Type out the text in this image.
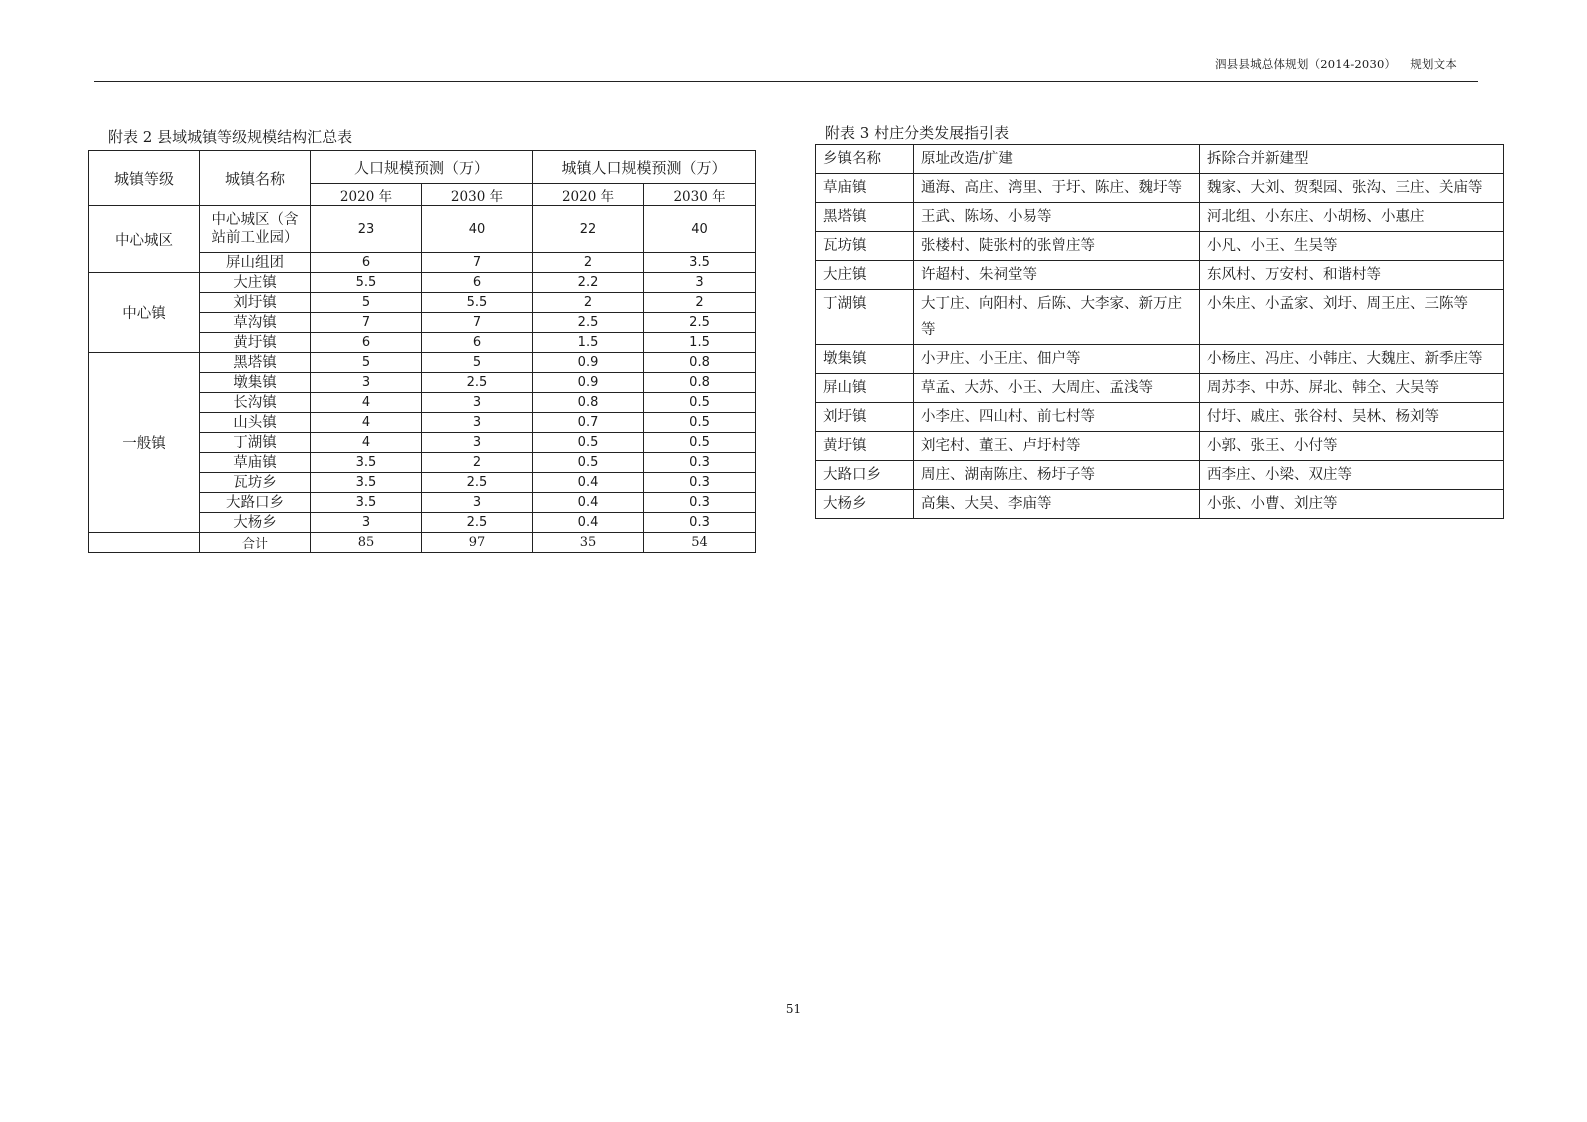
泗县县城总体规划（2014-2030） 规划文本
附表 2 县域城镇等级规模结构汇总表
城镇等级	城镇名称	人口规模预测（万）		城镇人口规模预测（万）	
		2020 年	2030 年	2020 年	2030 年
中心城区	中心城区（含站前工业园）	23	40	22	40
	屏山组团	6	7	2	3.5
中心镇	大庄镇	5.5	6	2.2	3
	刘圩镇	5	5.5	2	2
	草沟镇	7	7	2.5	2.5
	黄圩镇	6	6	1.5	1.5
一般镇	黑塔镇	5	5	0.9	0.8
	墩集镇	3	2.5	0.9	0.8
	长沟镇	4	3	0.8	0.5
	山头镇	4	3	0.7	0.5
	丁湖镇	4	3	0.5	0.5
	草庙镇	3.5	2	0.5	0.3
	瓦坊乡	3.5	2.5	0.4	0.3
	大路口乡	3.5	3	0.4	0.3
	大杨乡	3	2.5	0.4	0.3
	合计	85	97	35	54
附表 3 村庄分类发展指引表
乡镇名称	原址改造/扩建	拆除合并新建型
草庙镇	通海、高庄、湾里、于圩、陈庄、魏圩等	魏家、大刘、贺梨园、张沟、三庄、关庙等
黑塔镇	王武、陈场、小易等	河北组、小东庄、小胡杨、小惠庄
瓦坊镇	张楼村、陡张村的张曾庄等	小凡、小王、生吴等
大庄镇	许超村、朱祠堂等	东风村、万安村、和谐村等
丁湖镇	大丁庄、向阳村、后陈、大李家、新万庄等	小朱庄、小孟家、刘圩、周王庄、三陈等
墩集镇	小尹庄、小王庄、佃户等	小杨庄、冯庄、小韩庄、大魏庄、新季庄等
屏山镇	草孟、大苏、小王、大周庄、孟浅等	周苏李、中苏、屏北、韩仝、大吴等
刘圩镇	小李庄、四山村、前七村等	付圩、戚庄、张谷村、吴林、杨刘等
黄圩镇	刘宅村、董王、卢圩村等	小郭、张王、小付等
大路口乡	周庄、湖南陈庄、杨圩子等	西李庄、小梁、双庄等
大杨乡	高集、大吴、李庙等	小张、小曹、刘庄等
51
